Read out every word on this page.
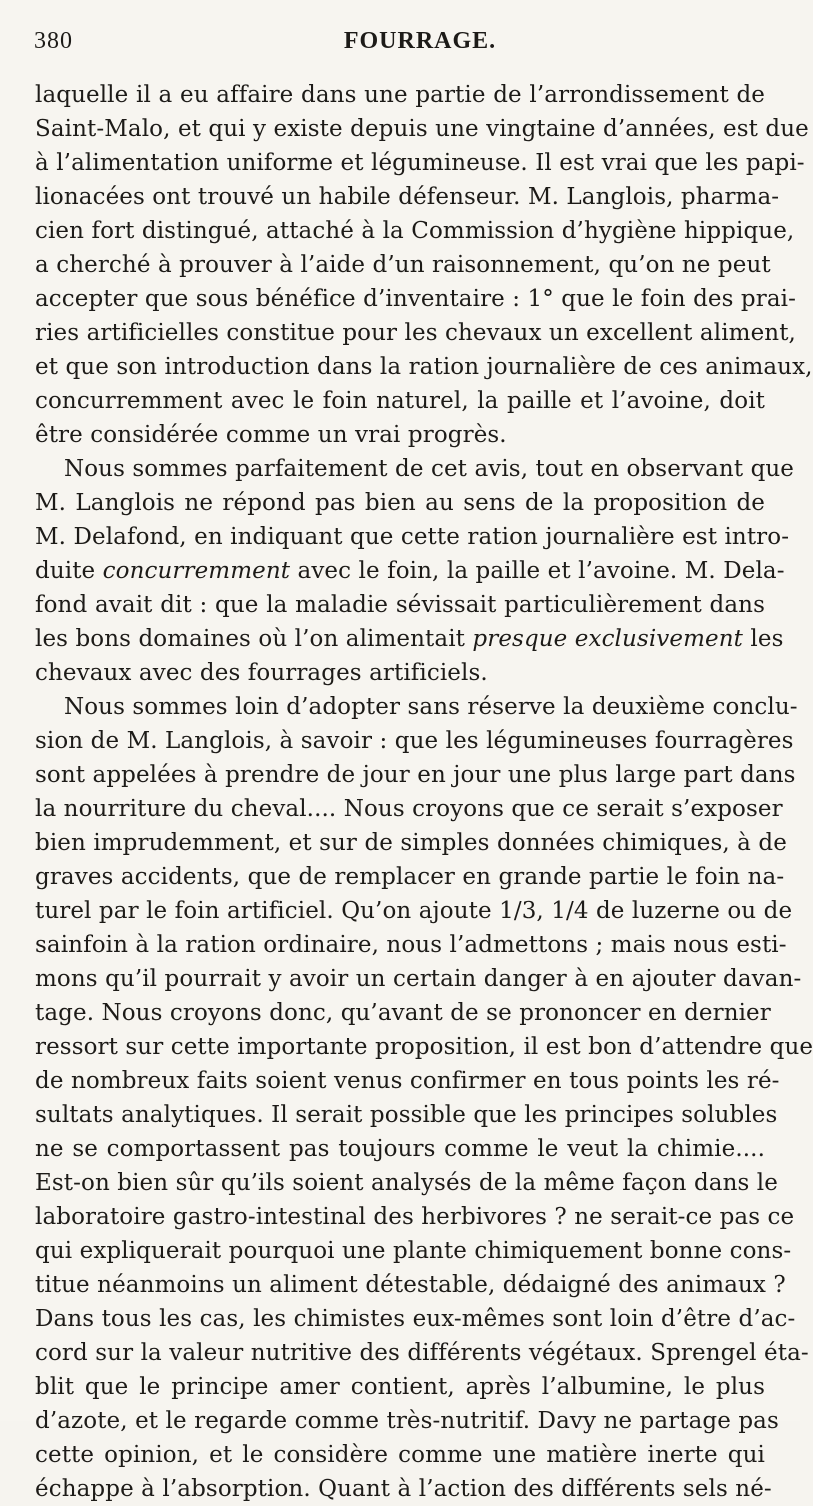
380	FOURRAGE.
laquelle il a eu affaire dans une partie de l’arrondissement de
Saint-Malo, et qui y existe depuis une vingtaine d’années, est due
à l’alimentation uniforme et légumineuse. Il est vrai que les papi-
lionacées ont trouvé un habile défenseur. M. Langlois, pharma-
cien fort distingué, attaché à la Commission d’hygiène hippique,
a cherché à prouver à l’aide d’un raisonnement, qu’on ne peut
accepter que sous bénéfice d’inventaire : 1° que le foin des prai-
ries artificielles constitue pour les chevaux un excellent aliment,
et que son introduction dans la ration journalière de ces animaux,
concurremment avec le foin naturel, la paille et l’avoine, doit
être considérée comme un vrai progrès.
Nous sommes parfaitement de cet avis, tout en observant que
M. Langlois ne répond pas bien au sens de la proposition de
M. Delafond, en indiquant que cette ration journalière est intro-
duite concurremment avec le foin, la paille et l’avoine. M. Dela-
fond avait dit : que la maladie sévissait particulièrement dans
les bons domaines où l’on alimentait presque exclusivement les
chevaux avec des fourrages artificiels.
Nous sommes loin d’adopter sans réserve la deuxième conclu-
sion de M. Langlois, à savoir : que les légumineuses fourragères
sont appelées à prendre de jour en jour une plus large part dans
la nourriture du cheval.... Nous croyons que ce serait s’exposer
bien imprudemment, et sur de simples données chimiques, à de
graves accidents, que de remplacer en grande partie le foin na-
turel par le foin artificiel. Qu’on ajoute 1/3, 1/4 de luzerne ou de
sainfoin à la ration ordinaire, nous l’admettons ; mais nous esti-
mons qu’il pourrait y avoir un certain danger à en ajouter davan-
tage. Nous croyons donc, qu’avant de se prononcer en dernier
ressort sur cette importante proposition, il est bon d’attendre que
de nombreux faits soient venus confirmer en tous points les ré-
sultats analytiques. Il serait possible que les principes solubles
ne se comportassent pas toujours comme le veut la chimie....
Est-on bien sûr qu’ils soient analysés de la même façon dans le
laboratoire gastro-intestinal des herbivores ? ne serait-ce pas ce
qui expliquerait pourquoi une plante chimiquement bonne cons-
titue néanmoins un aliment détestable, dédaigné des animaux ?
Dans tous les cas, les chimistes eux-mêmes sont loin d’être d’ac-
cord sur la valeur nutritive des différents végétaux. Sprengel éta-
blit que le principe amer contient, après l’albumine, le plus
d’azote, et le regarde comme très-nutritif. Davy ne partage pas
cette opinion, et le considère comme une matière inerte qui
échappe à l’absorption. Quant à l’action des différents sels né-
